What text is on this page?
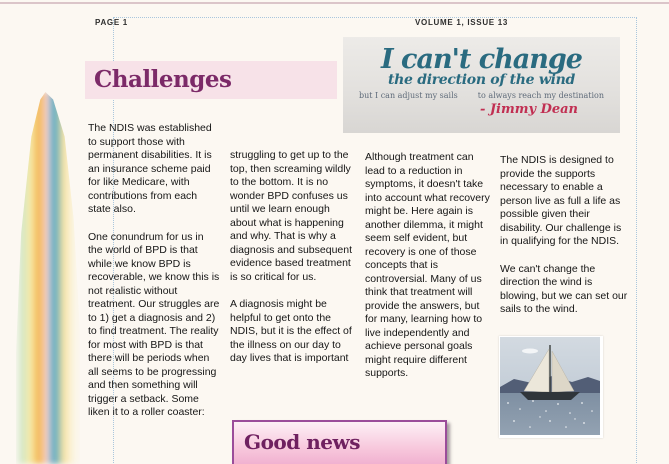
PAGE 1	VOLUME 1, ISSUE 13
Challenges
I can't change
the direction of the wind
but I can adjust my sails	to always reach my destination
- Jimmy Dean

The NDIS was established to support those with permanent disabilities. It is an insurance scheme paid for like Medicare, with contributions from each state also.

One conundrum for us in the world of BPD is that while we know BPD is recoverable, we know this is not realistic without treatment. Our struggles are to 1) get a diagnosis and 2) to find treatment. The reality for most with BPD is that there will be periods when all seems to be progressing and then something will trigger a setback. Some liken it to a roller coaster:

struggling to get up to the top, then screaming wildly to the bottom. It is no wonder BPD confuses us until we learn enough about what is happening and why. That is why a diagnosis and subsequent evidence based treatment is so critical for us.

A diagnosis might be helpful to get onto the NDIS, but it is the effect of the illness on our day to day lives that is important

Although treatment can lead to a reduction in symptoms, it doesn't take into account what recovery might be. Here again is another dilemma, it might seem self evident, but recovery is one of those concepts that is controversial. Many of us think that treatment will provide the answers, but for many, learning how to live independently and achieve personal goals might require different supports.

The NDIS is designed to provide the supports necessary to enable a person live as full a life as possible given their disability. Our challenge is in qualifying for the NDIS.

We can't change the direction the wind is blowing, but we can set our sails to the wind.

Good news
